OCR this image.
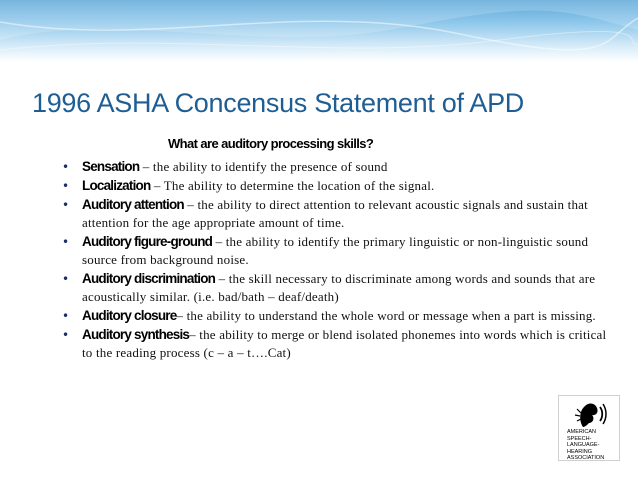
1996 ASHA Concensus Statement of APD
What are auditory processing skills?
• Sensation – the ability to identify the presence of sound
• Localization – The ability to determine the location of the signal.
• Auditory attention – the ability to direct attention to relevant acoustic signals and sustain that attention for the age appropriate amount of time.
• Auditory figure-ground – the ability to identify the primary linguistic or non-linguistic sound source from background noise.
• Auditory discrimination – the skill necessary to discriminate among words and sounds that are acoustically similar. (i.e. bad/bath – deaf/death)
• Auditory closure– the ability to understand the whole word or message when a part is missing.
• Auditory synthesis– the ability to merge or blend isolated phonemes into words which is critical to the reading process (c – a – t….Cat)
AMERICAN
SPEECH-LANGUAGE-
HEARING
ASSOCIATION
